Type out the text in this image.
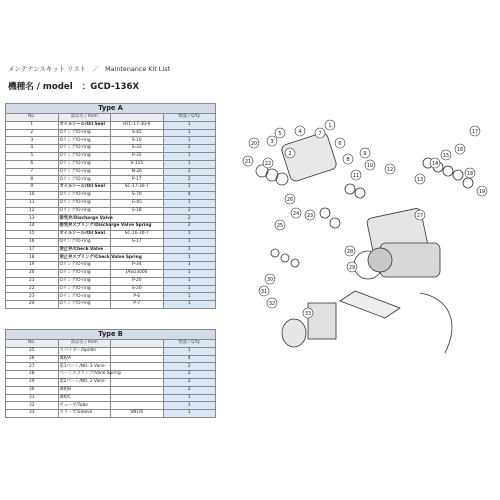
メンテナンスキット リスト　／　Maintenance Kit List
機種名 / model ：GCD-136X
Type A			
No.	部品名 / Item		数量 / Q'ty
1	オイルシール/Oil Seal	HTC-17-30-9	1
2	Oリング/O-ring	S-45	1
3	Oリング/O-ring	S-10	1
4	Oリング/O-ring	S-33	2
5	Oリング/O-ring	P-35	1
6	Oリング/O-ring	V-115	1
7	Oリング/O-ring	N-26	2
8	Oリング/O-ring	P-17	2
9	オイルシール/Oil Seal	SC-17-30-7	1
10	Oリング/O-ring	S-70	4
11	Oリング/O-ring	G-65	1
12	Oリング/O-ring	S-18	2
13	排気弁/Discharge Valve		2
14	排気弁スプリング/Discharge Valve Spring		2
15	オイルシール/Oil Seal	SC-16-30-7	1
16	Oリング/O-ring	S-17	1
17	逆止弁/Check Valve		1
18	逆止弁スプリング/Check Valve Spring		1
19	Oリング/O-ring	P-34	1
20	Oリング/O-ring	JASO3006	1
21	Oリング/O-ring	P-20	1
22	Oリング/O-ring	S-20	1
23	Oリング/O-ring	P-6	1
24	Oリング/O-ring	P-7	1
Type B			
No.	部品名 / Item		数量 / Q'ty
25	スパイダー/Spider		1
26	翼板A		4
27	第1ベーン/NO. 1 Vane		2
28	ベーンスプリング/Vane Spring		2
29	第2ベーン/NO. 2 Vane		2
30	翼板B		2
31	翼板C		1
32	チューブ/Tube		1
33	スリーブ/Sleeve	SN1/6	1
1
2
3
4
5
6
7
8
9
10
11
12
13
14
15
16
17
18
19
20
21	22
23
24
25
26
27
28
29
30
31
32
33
